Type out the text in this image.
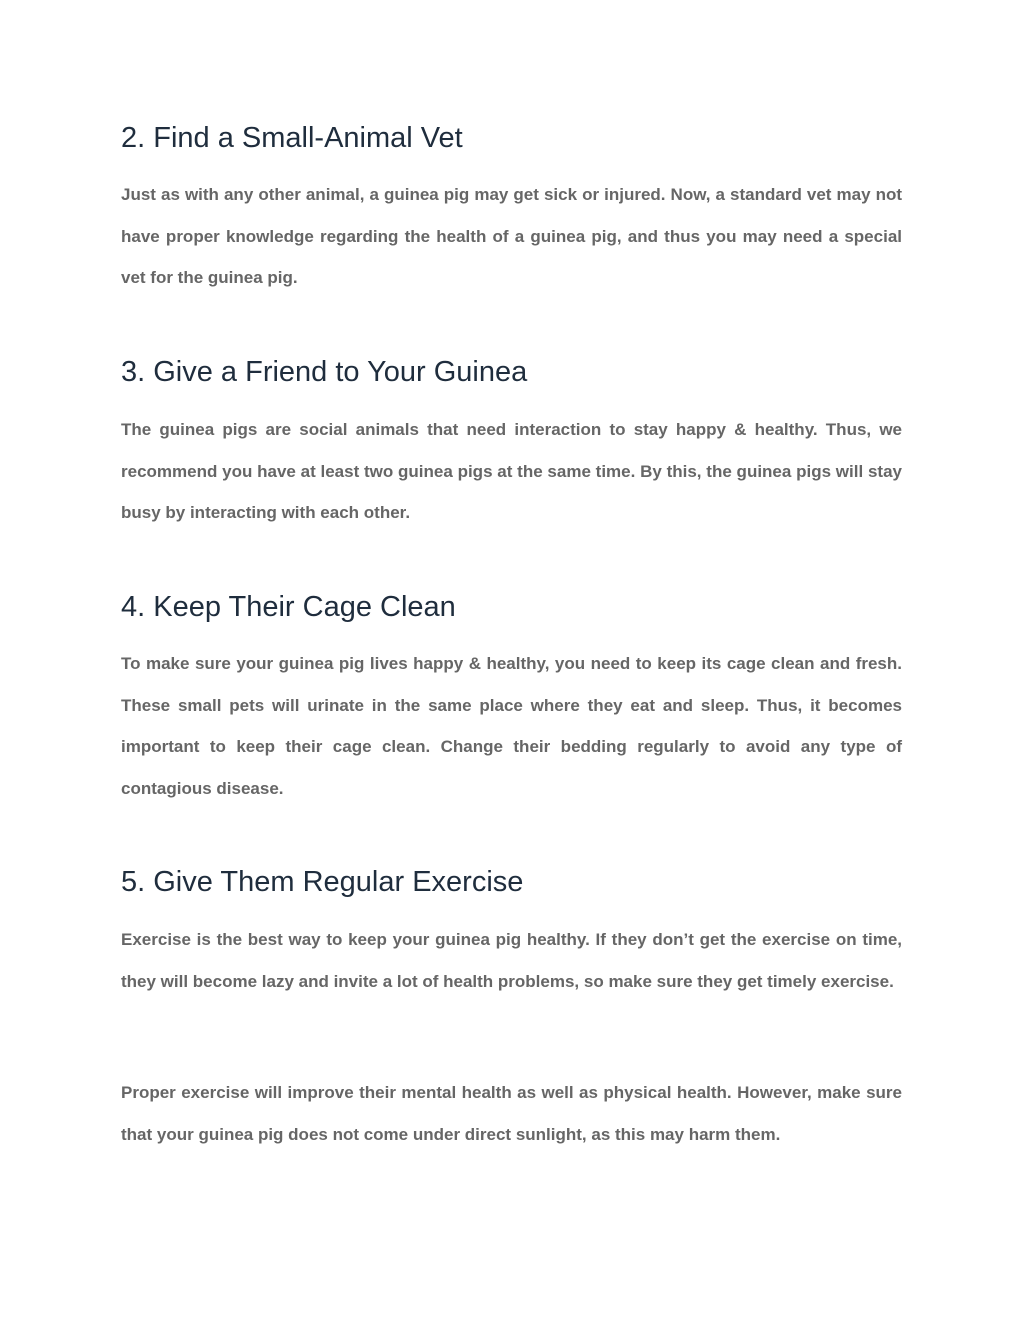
2. Find a Small-Animal Vet

Just as with any other animal, a guinea pig may get sick or injured. Now, a standard vet may not have proper knowledge regarding the health of a guinea pig, and thus you may need a special vet for the guinea pig.

3. Give a Friend to Your Guinea

The guinea pigs are social animals that need interaction to stay happy & healthy. Thus, we recommend you have at least two guinea pigs at the same time. By this, the guinea pigs will stay busy by interacting with each other.

4. Keep Their Cage Clean

To make sure your guinea pig lives happy & healthy, you need to keep its cage clean and fresh. These small pets will urinate in the same place where they eat and sleep. Thus, it becomes important to keep their cage clean. Change their bedding regularly to avoid any type of contagious disease.

5. Give Them Regular Exercise

Exercise is the best way to keep your guinea pig healthy. If they don’t get the exercise on time, they will become lazy and invite a lot of health problems, so make sure they get timely exercise.

Proper exercise will improve their mental health as well as physical health. However, make sure that your guinea pig does not come under direct sunlight, as this may harm them.
